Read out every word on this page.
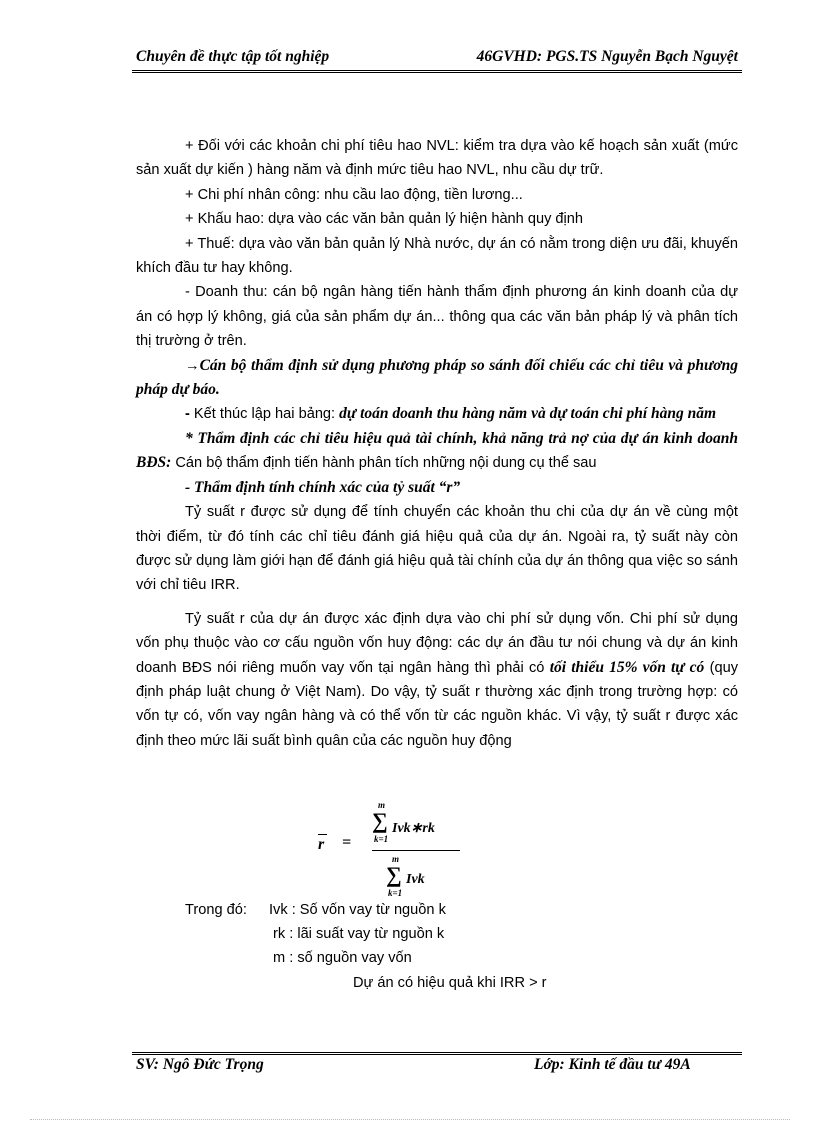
Chuyên đề thực tập tốt nghiệp	46GVHD: PGS.TS Nguyễn Bạch Nguyệt

+ Đối với các khoản chi phí tiêu hao NVL: kiểm tra dựa vào kế hoạch sản xuất (mức sản xuất dự kiến ) hàng năm và định mức tiêu hao NVL, nhu cầu dự trữ.

+ Chi phí nhân công: nhu cầu lao động, tiền lương...

+ Khấu hao: dựa vào các văn bản quản lý hiện hành quy định

+ Thuế: dựa vào văn bản quản lý Nhà nước, dự án có nằm trong diện ưu đãi, khuyến khích đầu tư hay không.

- Doanh thu: cán bộ ngân hàng tiến hành thẩm định phương án kinh doanh của dự án có hợp lý không, giá của sản phẩm dự án... thông qua các văn bản pháp lý và phân tích thị trường ở trên.

→Cán bộ thẩm định sử dụng phương pháp so sánh đối chiếu các chỉ tiêu và phương pháp dự báo.

- Kết thúc lập hai bảng: dự toán doanh thu hàng năm và dự toán chi phí hàng năm

* Thẩm định các chỉ tiêu hiệu quả tài chính, khả năng trả nợ của dự án kinh doanh BĐS: Cán bộ thẩm định tiến hành phân tích những nội dung cụ thể sau

- Thẩm định tính chính xác của tỷ suất “r”

Tỷ suất r được sử dụng để tính chuyển các khoản thu chi của dự án về cùng một thời điểm, từ đó tính các chỉ tiêu đánh giá hiệu quả của dự án. Ngoài ra, tỷ suất này còn được sử dụng làm giới hạn để đánh giá hiệu quả tài chính của dự án thông qua việc so sánh với chỉ tiêu IRR.

Tỷ suất r của dự án được xác định dựa vào chi phí sử dụng vốn. Chi phí sử dụng vốn phụ thuộc vào cơ cấu nguồn vốn huy động: các dự án đầu tư nói chung và dự án kinh doanh BĐS nói riêng muốn vay vốn tại ngân hàng thì phải có tối thiểu 15% vốn tự có (quy định pháp luật chung ở Việt Nam). Do vậy, tỷ suất r thường xác định trong trường hợp: có vốn tự có, vốn vay ngân hàng và có thể vốn từ các nguồn khác. Vì vậy, tỷ suất r được xác định theo mức lãi suất bình quân của các nguồn huy động

r =
m
∑
k=1
Ivk∗rk
m
∑
k=1
Ivk
Trong đó: Ivk : Số vốn vay từ nguồn k
rk : lãi suất vay từ nguồn k
m : số nguồn vay vốn
Dự án có hiệu quả khi IRR > r
SV: Ngô Đức Trọng	Lớp: Kinh tế đầu tư 49A
